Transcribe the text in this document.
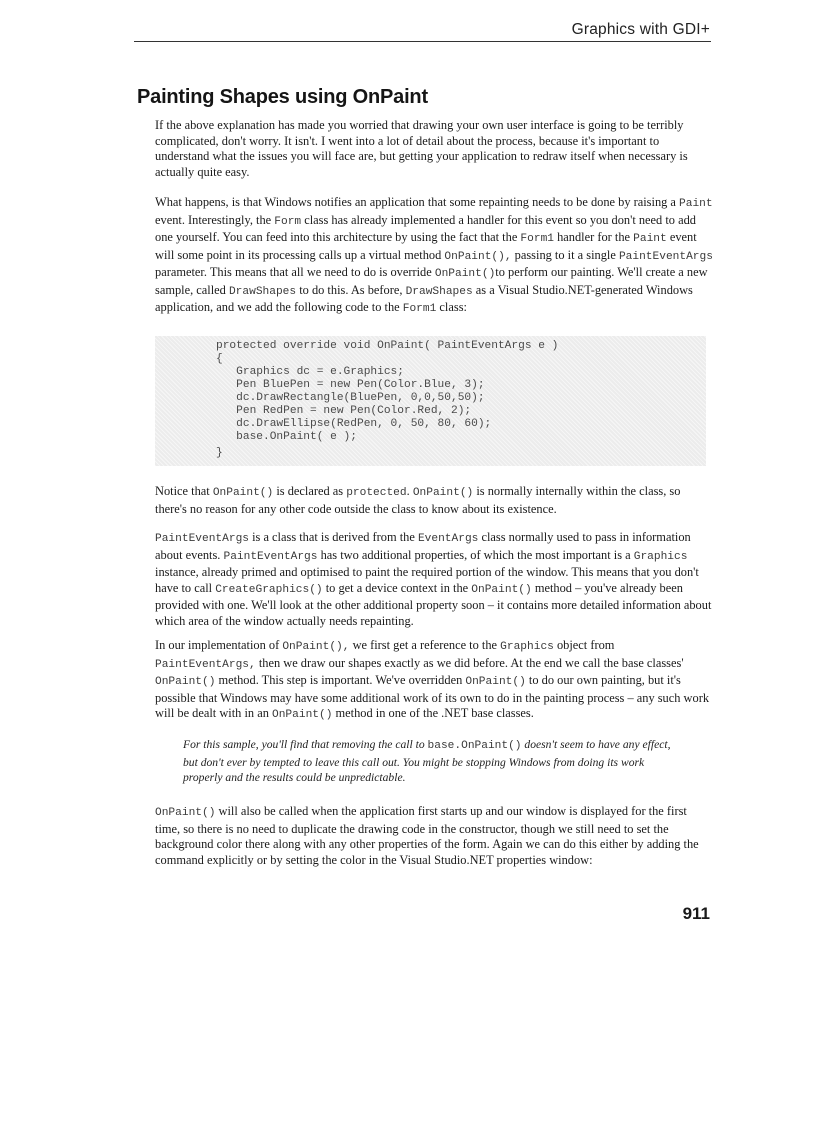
Graphics with GDI+
Painting Shapes using OnPaint

If the above explanation has made you worried that drawing your own user interface is going to be terribly complicated, don't worry. It isn't. I went into a lot of detail about the process, because it's important to understand what the issues you will face are, but getting your application to redraw itself when necessary is actually quite easy.

What happens, is that Windows notifies an application that some repainting needs to be done by raising a Paint event. Interestingly, the Form class has already implemented a handler for this event so you don't need to add one yourself. You can feed into this architecture by using the fact that the Form1 handler for the Paint event will some point in its processing calls up a virtual method OnPaint(), passing to it a single PaintEventArgs parameter. This means that all we need to do is override OnPaint()to perform our painting. We'll create a new sample, called DrawShapes to do this. As before, DrawShapes as a Visual Studio.NET-generated Windows application, and we add the following code to the Form1 class:

protected override void OnPaint( PaintEventArgs e )
{
Graphics dc = e.Graphics;
Pen BluePen = new Pen(Color.Blue, 3);
dc.DrawRectangle(BluePen, 0,0,50,50);
Pen RedPen = new Pen(Color.Red, 2);
dc.DrawEllipse(RedPen, 0, 50, 80, 60);
base.OnPaint( e );
}

Notice that OnPaint() is declared as protected. OnPaint() is normally internally within the class, so there's no reason for any other code outside the class to know about its existence.

PaintEventArgs is a class that is derived from the EventArgs class normally used to pass in information about events. PaintEventArgs has two additional properties, of which the most important is a Graphics instance, already primed and optimised to paint the required portion of the window. This means that you don't have to call CreateGraphics() to get a device context in the OnPaint() method – you've already been provided with one. We'll look at the other additional property soon – it contains more detailed information about which area of the window actually needs repainting.

In our implementation of OnPaint(), we first get a reference to the Graphics object from PaintEventArgs, then we draw our shapes exactly as we did before. At the end we call the base classes' OnPaint() method. This step is important. We've overridden OnPaint() to do our own painting, but it's possible that Windows may have some additional work of its own to do in the painting process – any such work will be dealt with in an OnPaint() method in one of the .NET base classes.

For this sample, you'll find that removing the call to base.OnPaint() doesn't seem to have any effect, but don't ever by tempted to leave this call out. You might be stopping Windows from doing its work properly and the results could be unpredictable.

OnPaint() will also be called when the application first starts up and our window is displayed for the first time, so there is no need to duplicate the drawing code in the constructor, though we still need to set the background color there along with any other properties of the form. Again we can do this either by adding the command explicitly or by setting the color in the Visual Studio.NET properties window:

911
